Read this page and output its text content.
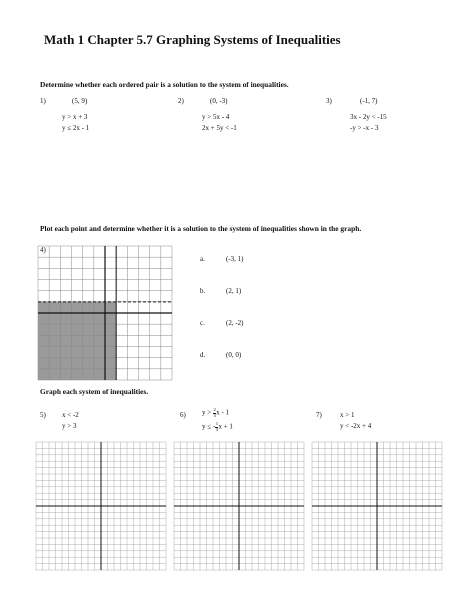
Math 1 Chapter 5.7 Graphing Systems of Inequalities
Determine whether each ordered pair is a solution to the system of inequalities.
1)	(5, 9)
y > x + 3
y ≤ 2x - 1
2)	(0, -3)
y > 5x - 4
2x + 5y < -1
3)	(-1, 7)
3x - 2y < -15
-y > -x - 3
Plot each point and determine whether it is a solution to the system of inequalities shown in the graph.
4)
a.	(-3, 1)
b.	(2, 1)
c.	(2, -2)
d.	(0, 0)
Graph each system of inequalities.
5) x < -2
y > 3
6) $y > \frac{2}{3}$ x - 1
y ≤ - $\frac{1}{3}$ x + 1
7)	x > 1
y < -2x + 4
